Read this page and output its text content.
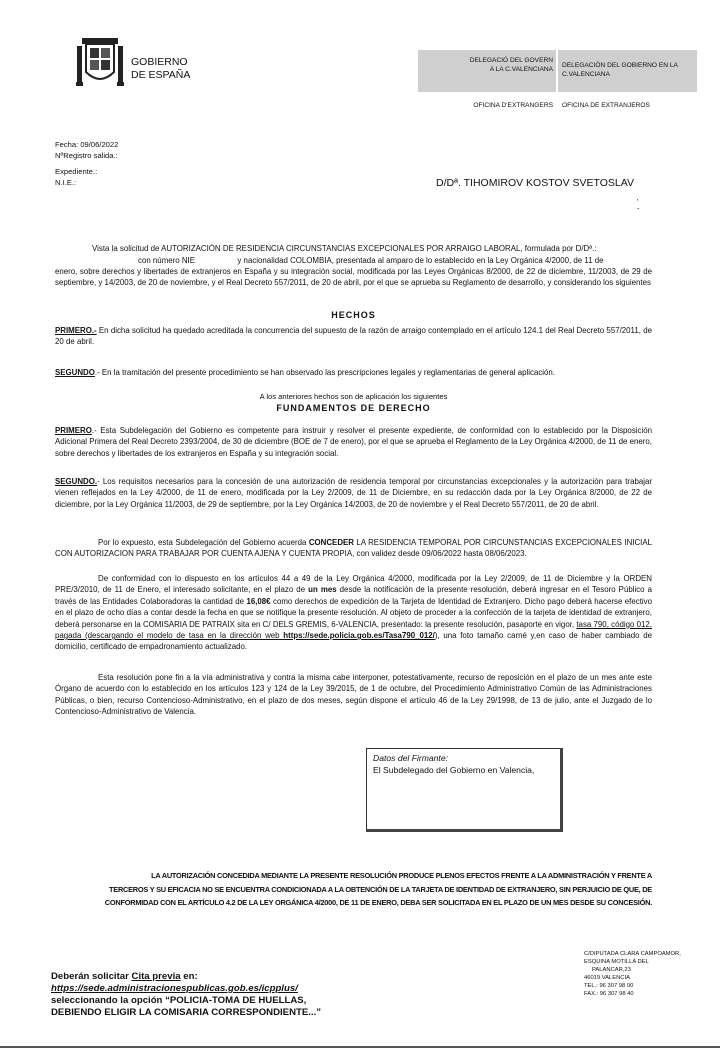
GOBIERNO
DE ESPAÑA
DELEGACIÓ DEL GOVERN
A LA C.VALENCIANA DELEGACIÓN DEL GOBIERNO EN LA
C.VALENCIANA
OFICINA D'EXTRANGERS OFICINA DE EXTRANJEROS
Fecha: 09/06/2022
NºRegistro salida.:
Expediente.:
N.I.E.:	D/Dª. TIHOMIROV KOSTOV SVETOSLAV
'
-
Vista la solicitud de AUTORIZACIÓN DE RESIDENCIA CIRCUNSTANCIAS EXCEPCIONALES POR ARRAIGO LABORAL, formulada por D/Dª.:
con número NIE	y nacionalidad COLOMBIA, presentada al amparo de lo establecido en la Ley Orgánica 4/2000, de 11 de
enero, sobre derechos y libertades de extranjeros en España y su integración social, modificada por las Leyes Orgánicas 8/2000, de 22 de diciembre, 11/2003, de 29 de septiembre, y 14/2003, de 20 de noviembre, y el Real Decreto 557/2011, de 20 de abril, por el que se aprueba su Reglamento de desarrollo, y considerando los siguientes
HECHOS
PRIMERO.- En dicha solicitud ha quedado acreditada la concurrencia del supuesto de la razón de arraigo contemplado en el artículo 124.1 del Real Decreto 557/2011, de 20 de abril.
SEGUNDO.- En la tramitación del presente procedimiento se han observado las prescripciones legales y reglamentarias de general aplicación.
A los anteriores hechos son de aplicación los siguientes
FUNDAMENTOS DE DERECHO
PRIMERO.- Esta Subdelegación del Gobierno es competente para instruir y resolver el presente expediente, de conformidad con lo establecido por la Disposición Adicional Primera del Real Decreto 2393/2004, de 30 de diciembre (BOE de 7 de enero), por el que se aprueba el Reglamento de la Ley Orgánica 4/2000, de 11 de enero, sobre derechos y libertades de los extranjeros en España y su integración social.
SEGUNDO.- Los requisitos necesarios para la concesión de una autorización de residencia temporal por circunstancias excepcionales y la autorización para trabajar vienen reflejados en la Ley 4/2000, de 11 de enero, modificada por la Ley 2/2009, de 11 de Diciembre, en su redacción dada por la Ley Orgánica 8/2000, de 22 de diciembre, por la Ley Orgánica 11/2003, de 29 de septiembre, por la Ley Orgánica 14/2003, de 20 de noviembre y el Real Decreto 557/2011, de 20 de abril.
Por lo expuesto, esta Subdelegación del Gobierno acuerda CONCEDER LA RESIDENCIA TEMPORAL POR CIRCUNSTANCIAS EXCEPCIONALES INICIAL CON AUTORIZACION PARA TRABAJAR POR CUENTA AJENA Y CUENTA PROPIA, con validez desde 09/06/2022 hasta 08/06/2023.
De conformidad con lo dispuesto en los artículos 44 a 49 de la Ley Orgánica 4/2000, modificada por la Ley 2/2009, de 11 de Diciembre y la ORDEN PRE/3/2010, de 11 de Enero, el interesado solicitante, en el plazo de un mes desde la notificación de la presente resolución, deberá ingresar en el Tesoro Público a través de las Entidades Colaboradoras la cantidad de 16,08€ como derechos de expedición de la Tarjeta de Identidad de Extranjero. Dicho pago deberá hacerse efectivo en el plazo de ocho días a contar desde la fecha en que se notifique la presente resolución. Al objeto de proceder a la confección de la tarjeta de identidad de extranjero, deberá personarse en la COMISARIA DE PATRAIX sita en C/ DELS GREMIS, 6-VALENCIA, presentado: la presente resolución, pasaporte en vigor, tasa 790, código 012, pagada (descargando el modelo de tasa en la dirección web https://sede.policia.gob.es/Tasa790_012/), una foto tamaño carné y,en caso de haber cambiado de domicilio, certificado de empadronamiento actualizado.
Esta resolución pone fin a la vía administrativa y contra la misma cabe interponer, potestativamente, recurso de reposición en el plazo de un mes ante este Órgano de acuerdo con lo establecido en los artículos 123 y 124 de la Ley 39/2015, de 1 de octubre, del Procedimiento Administrativo Común de las Administraciones Públicas, o bien, recurso Contencioso-Administrativo, en el plazo de dos meses, según dispone el artículo 46 de la Ley 29/1998, de 13 de julio, ante el Juzgado de lo Contencioso-Administrativo de Valencia.
Datos del Firmante:
El Subdelegado del Gobierno en Valencia,
LA AUTORIZACIÓN CONCEDIDA MEDIANTE LA PRESENTE RESOLUCIÓN PRODUCE PLENOS EFECTOS FRENTE A LA ADMINISTRACIÓN Y FRENTE A
TERCEROS Y SU EFICACIA NO SE ENCUENTRA CONDICIONADA A LA OBTENCIÓN DE LA TARJETA DE IDENTIDAD DE EXTRANJERO, SIN PERJUICIO DE QUE, DE
CONFORMIDAD CON EL ARTÍCULO 4.2 DE LA LEY ORGÁNICA 4/2000, DE 11 DE ENERO, DEBA SER SOLICITADA EN EL PLAZO DE UN MES DESDE SU CONCESIÓN.
Deberán solicitar Cita previa en:
https://sede.administracionespublicas.gob.es/icpplus/
seleccionando la opción “POLICIA-TOMA DE HUELLAS,
DEBIENDO ELIGIR LA COMISARIA CORRESPONDIENTE...”
C/DIPUTADA CLARA CAMPOAMOR,
ESQUINA MOTILLA DEL
PALANCAR,23
46019 VALENCIA
TEL.: 96 307 98 00
FAX.: 96 307 98 40
